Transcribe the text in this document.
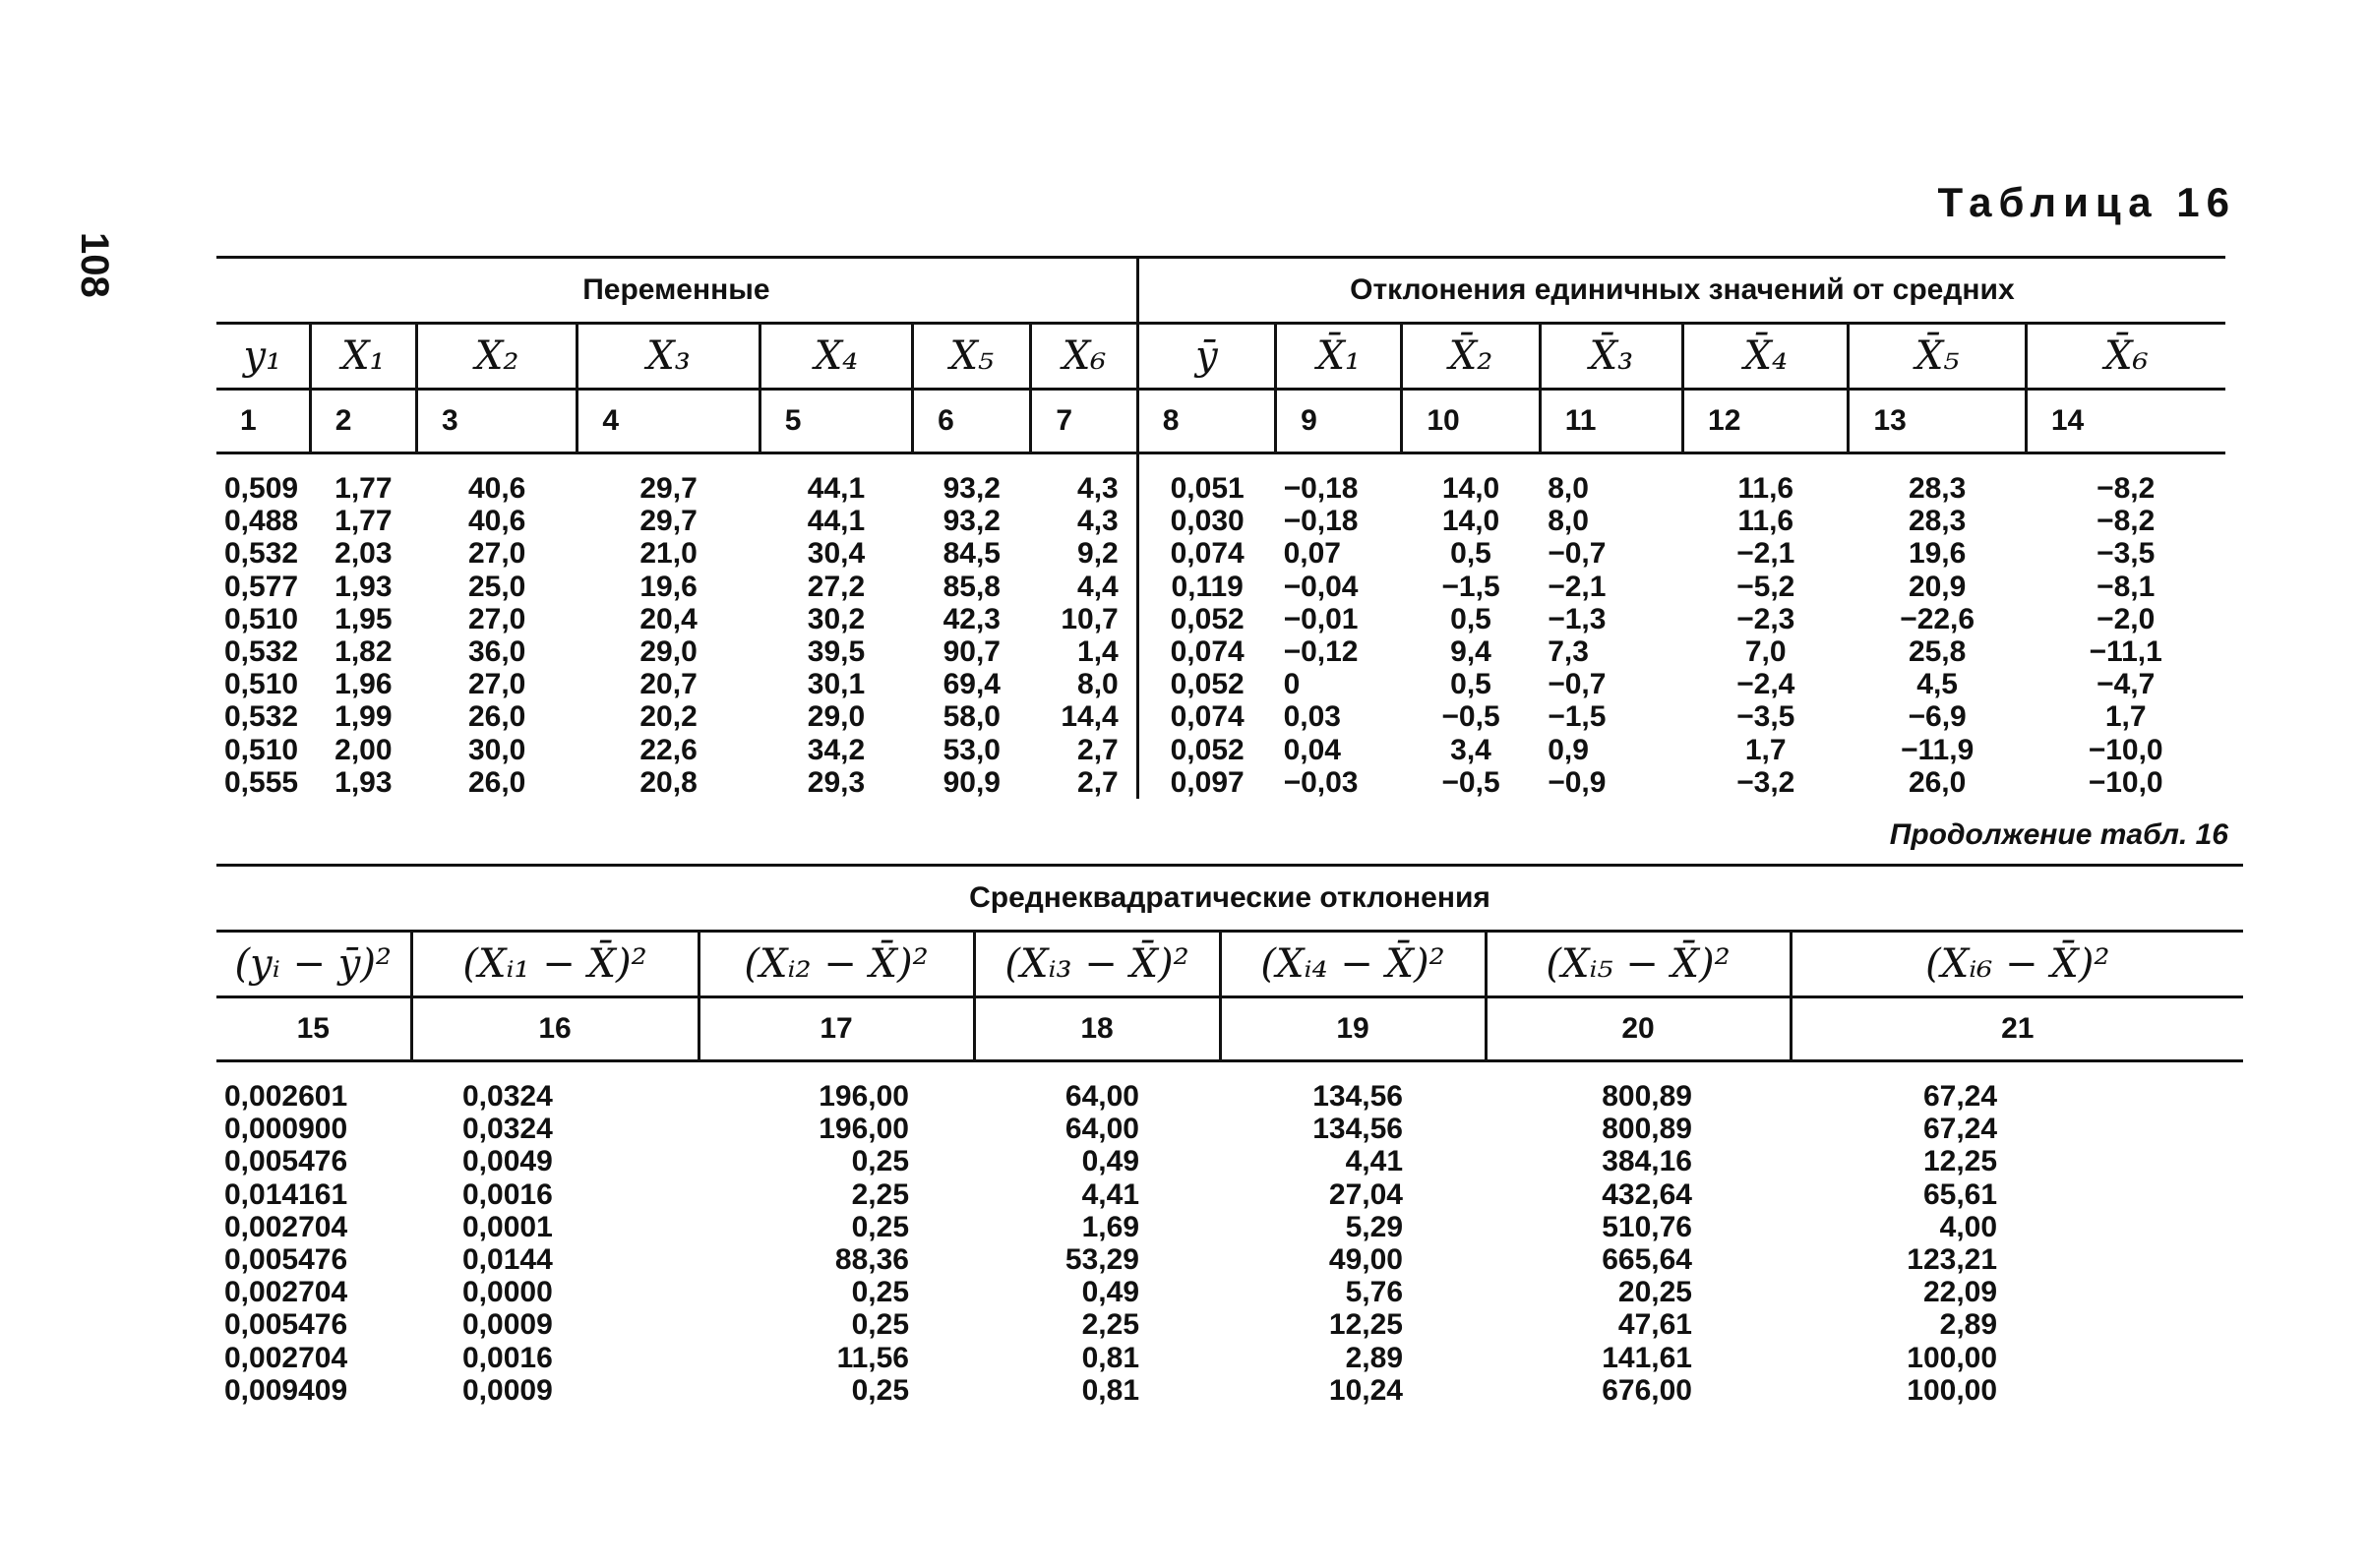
108
Таблица 16
Переменные							Отклонения единичных значений от средних						
y₁	X₁	X₂	X₃	X₄	X₅	X₆	ȳ	X̄₁	X̄₂	X̄₃	X̄₄	X̄₅	X̄₆
1	2	3	4	5	6	7	8	9	10	11	12	13	14

0,509	1,77	40,6	29,7	44,1	93,2	4,3	0,051	−0,18	14,0	8,0	11,6	28,3	−8,2
0,488	1,77	40,6	29,7	44,1	93,2	4,3	0,030	−0,18	14,0	8,0	11,6	28,3	−8,2
0,532	2,03	27,0	21,0	30,4	84,5	9,2	0,074	0,07	0,5	−0,7	−2,1	19,6	−3,5
0,577	1,93	25,0	19,6	27,2	85,8	4,4	0,119	−0,04	−1,5	−2,1	−5,2	20,9	−8,1
0,510	1,95	27,0	20,4	30,2	42,3	10,7	0,052	−0,01	0,5	−1,3	−2,3	−22,6	−2,0
0,532	1,82	36,0	29,0	39,5	90,7	1,4	0,074	−0,12	9,4	7,3	7,0	25,8	−11,1
0,510	1,96	27,0	20,7	30,1	69,4	8,0	0,052	0	0,5	−0,7	−2,4	4,5	−4,7
0,532	1,99	26,0	20,2	29,0	58,0	14,4	0,074	0,03	−0,5	−1,5	−3,5	−6,9	1,7
0,510	2,00	30,0	22,6	34,2	53,0	2,7	0,052	0,04	3,4	0,9	1,7	−11,9	−10,0
0,555	1,93	26,0	20,8	29,3	90,9	2,7	0,097	−0,03	−0,5	−0,9	−3,2	26,0	−10,0
Продолжение табл. 16
Среднеквадратические отклонения						
(yᵢ − ȳ)²	(Xᵢ₁ − X̄)²	(Xᵢ₂ − X̄)²	(Xᵢ₃ − X̄)²	(Xᵢ₄ − X̄)²	(Xᵢ₅ − X̄)²	(Xᵢ₆ − X̄)²
15	16	17	18	19	20	21

0,002601	0,0324	196,00	64,00	134,56	800,89	67,24
0,000900	0,0324	196,00	64,00	134,56	800,89	67,24
0,005476	0,0049	0,25	0,49	4,41	384,16	12,25
0,014161	0,0016	2,25	4,41	27,04	432,64	65,61
0,002704	0,0001	0,25	1,69	5,29	510,76	4,00
0,005476	0,0144	88,36	53,29	49,00	665,64	123,21
0,002704	0,0000	0,25	0,49	5,76	20,25	22,09
0,005476	0,0009	0,25	2,25	12,25	47,61	2,89
0,002704	0,0016	11,56	0,81	2,89	141,61	100,00
0,009409	0,0009	0,25	0,81	10,24	676,00	100,00
